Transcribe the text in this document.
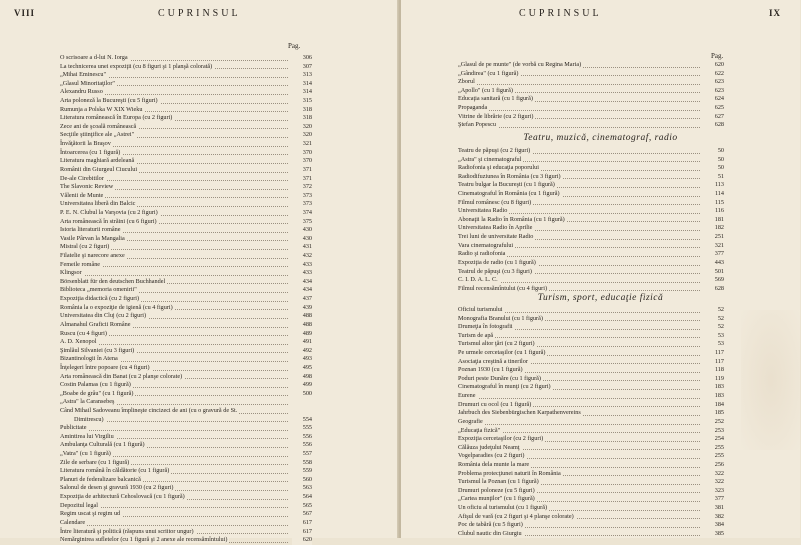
VIII	CUPRINSUL
Pag.
O scrisoare a d-lui N. Iorga	306
La technicerea unei expoziţii (cu 8 figuri şi 1 planşă colorată)	307
„Mihai Eminescu"	313
„Glasul Minoritaţilor"	314
Alexandru Russo	314
Arta poloneză la Bucureşti (cu 5 figuri)	315
Rumunja a Polska W XIX Wieku	318
Literatura românească în Europa (cu 2 figuri)	318
Zece ani de şcoală românească	320
Secţiile ştiinţifice ale „Astrei"	320
Învăţătorii la Braşov	321
Întoarcerea (cu 1 figură)	370
Literatura maghiară ardeleană	370
Românii din Giurgeul Ciucului	371
De-ale Cirebitilor	371
The Slavonic Review	372
Vălenii de Munte	373
Universitatea liberă din Balcic	373
P. E. N. Clubul la Varşovia (cu 2 figuri)	374
Arta românească în străini (cu 6 figuri)	375
Istoria literaturii române	430
Vasile Pârvan la Mangalia	430
Mistral (cu 2 figuri)	431
Filatelie şi narecore anexe	432
Femeile române	433
Klingsor	433
Börsenblatt für den deutschen Buchhandel	434
Biblioteca „memoria omenirii"	434
Expoziţia didactică (cu 2 figuri)	437
România la o expoziţie de igienă (cu 4 figuri)	439
Universitatea din Cluj (cu 2 figuri)	488
Almanahul Graficii Române	488
Ruscu (cu 4 figuri)	489
A. D. Xenopol	491
Şimlăul Silvaniei (cu 3 figuri)	492
Bizantinologii în Atena	493
Înţelegeri între popoare (cu 4 figuri)	495
Arta românească din Banat (cu 2 planşe colorate)	498
Costin Palamas (cu 1 figură)	499
„Boabe de grâu" (cu 1 figură)	500
„Astra" la Caransebeş
Când Mihail Sadoveanu împlineşte cincizeci de ani (cu o gravură de St.
Dimitrescu)	554
Publicitate	555
Amintirea lui Virgiliu	556
Ambulanţa Culturală (cu 1 figură)	556
„Vatra" (cu 1 figură)	557
Zile de serbare (cu 1 figură)	558
Literatura română în căldătorie (cu 1 figură)	559
Planuri de federalizare balcanică	560
Salonul de desen şi gravură 1930 (cu 2 figuri)	563
Expoziţia de arhitectură Cehoslovacă (cu 1 figură)	564
Depozitul legal	565
Regim uscat şi regim ud	567
Calendare	617
Între literatură şi politică (răspuns unui scriitor ungur)	617
Nemărginirea sufletelor (cu 1 figură şi 2 anexe ale recensămîntului)	620
CUPRINSUL	IX
Pag.
„Glasul de pe munte" (de vorbă cu Regina Maria)	620
„Gândirea" (cu 1 figură)	622
Zborul	623
„Apollo" (cu 1 figură)	623
Educaţia sanitară (cu 1 figură)	624
Propaganda	625
Vitrine de librărie (cu 2 figuri)	627
Ştefan Popescu	628
Teatru, muzică, cinematograf, radio
Teatru de păpuşi (cu 2 figuri)	50
„Astra" şi cinematograful	50
Radiofonia şi educaţia poporului	50
Radiodifuziunea în România (cu 3 figuri)	51
Teatru bulgar la Bucureşti (cu 1 figură)	113
Cinematograful în România (cu 1 figură)	114
Filmul românesc (cu 8 figuri)	115
Universitatea Radio	116
Abonaţii la Radio în România (cu 1 figură)	181
Universitatea Radio în Aprilie	182
Trei luni de universitate Radio	251
Vara cinematografului	321
Radio şi radiofonia	377
Expoziţia de radio (cu 1 figură)	443
Teatrul de păpuşi (cu 3 figuri)	501
C. I. D. A. L. C.	569
Filmul recensămîntului (cu 4 figuri)	628
Turism, sport, educaţie fizică
Oficiul turismului	52
Monografia Branului (cu 1 figură)	52
Drumeţia în fotografii	52
Turism de apă	53
Turismul altor ţări (cu 2 figuri)	53
Pe urmele cercetaşilor (cu 1 figură)	117
Asociaţia creştină a tinerilor	117
Poznan 1930 (cu 1 figură)	118
Poduri peste Dunăre (cu 1 figură)	119
Cinematograful în munţi (cu 2 figuri)	183
Eurene	183
Drumuri cu ocol (cu 1 figură)	184
Jahrbuch des Siebenbürgischen Karpathenvereins	185
Geografie	252
„Educaţia fizică"	253
Expoziţia cercetaşilor (cu 2 figuri)	254
Călăuza judeţului Neamţ	255
Vogelparadies (cu 2 figuri)	255
România dela munte la mare	256
Problema protecţiunei naturii în România	322
Turismul la Poznan (cu 1 figură)	322
Drumuri poloneze (cu 5 figuri)	323
„Cartea munţilor" (cu 1 figură)	377
Un oficiu al turismului (cu 1 figură)	381
Afişul de vară (cu 2 figuri şi 4 planşe colorate)	382
Poc de tabără (cu 5 figuri)	384
Clubul nautic din Giurgiu	385
